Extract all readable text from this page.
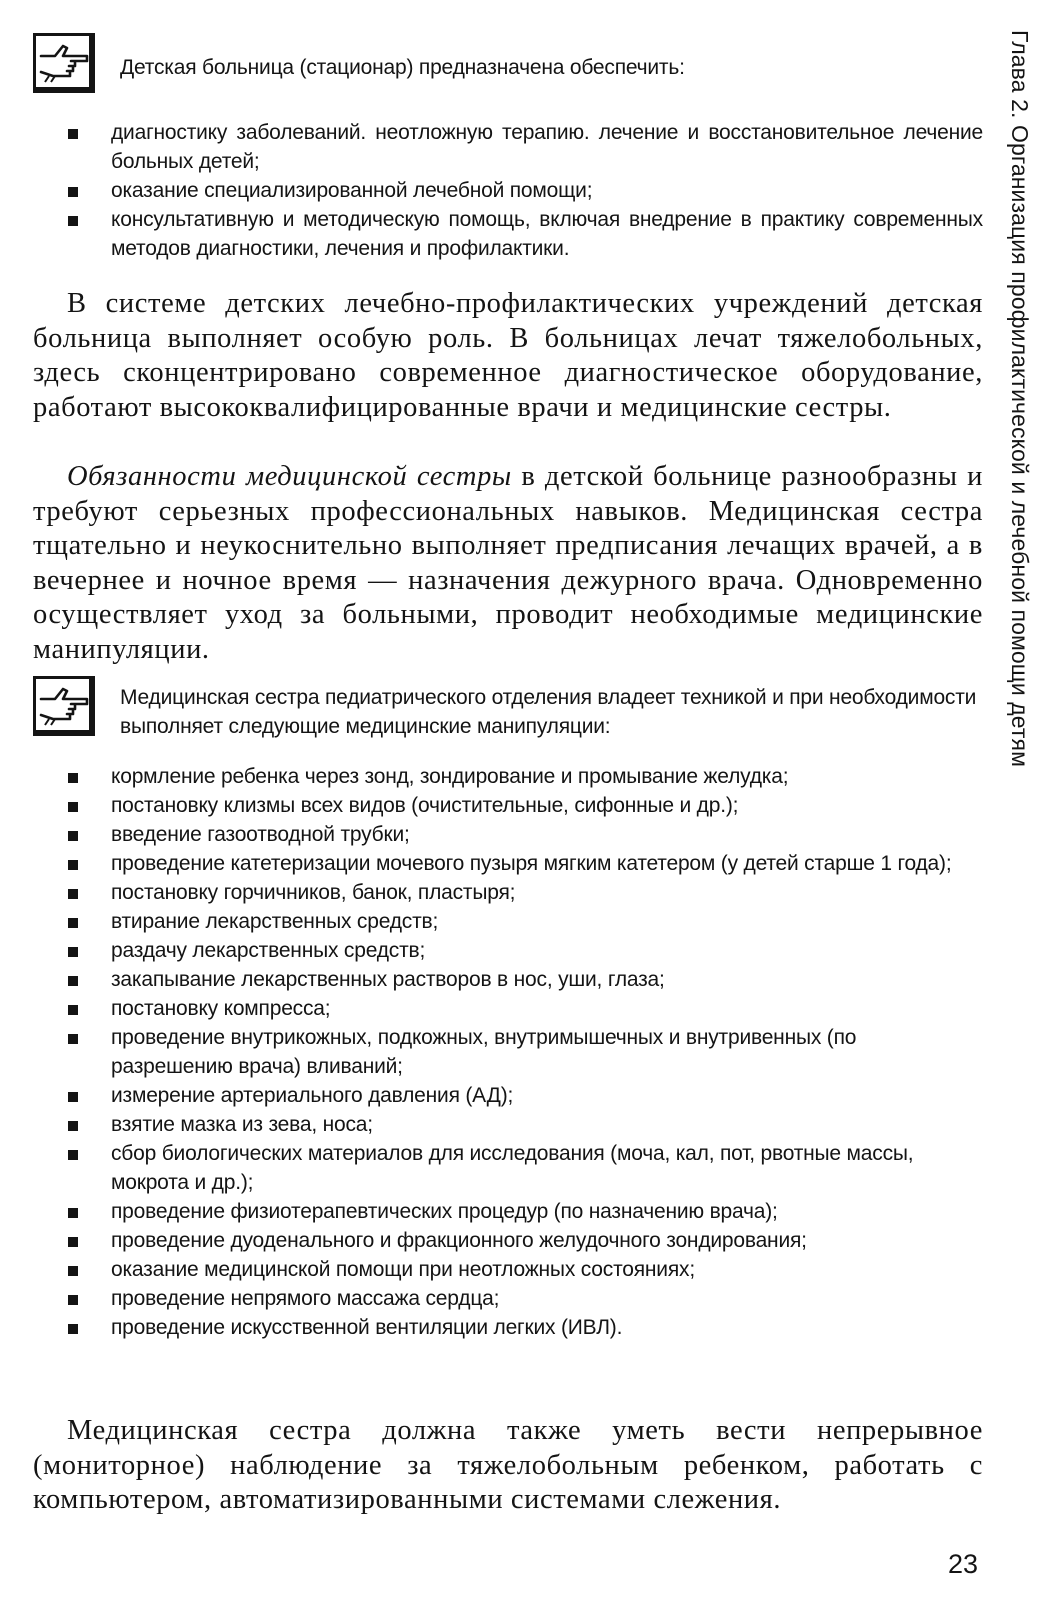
Глава 2. Организация профилактической и лечебной помощи детям
Детская больница (стационар) предназначена обеспечить:
диагностику заболеваний. неотложную терапию. лечение и восстановительное лечение больных детей;
оказание специализированной лечебной помощи;
консультативную и методическую помощь, включая внедрение в практику современных методов диагностики, лечения и профилактики.

В системе детских лечебно-профилактических учреждений детская больница выполняет особую роль. В больницах лечат тяжелобольных, здесь сконцентрировано современное диагностическое оборудование, работают высококвалифицированные врачи и медицинские сестры.

Обязанности медицинской сестры в детской больнице разнообразны и требуют серьезных профессиональных навыков. Медицинская сестра тщательно и неукоснительно выполняет предписания лечащих врачей, а в вечернее и ночное время — назначения дежурного врача. Одновременно осуществляет уход за больными, проводит необходимые медицинские манипуляции.

Медицинская сестра педиатрического отделения владеет техникой и при необходимости выполняет следующие медицинские манипуляции:
кормление ребенка через зонд, зондирование и промывание желудка;
постановку клизмы всех видов (очистительные, сифонные и др.);
введение газоотводной трубки;
проведение катетеризации мочевого пузыря мягким катетером (у детей старше 1 года);
постановку горчичников, банок, пластыря;
втирание лекарственных средств;
раздачу лекарственных средств;
закапывание лекарственных растворов в нос, уши, глаза;
постановку компресса;
проведение внутрикожных, подкожных, внутримышечных и внутривенных (по разрешению врача) вливаний;
измерение артериального давления (АД);
взятие мазка из зева, носа;
сбор биологических материалов для исследования (моча, кал, пот, рвотные массы, мокрота и др.);
проведение физиотерапевтических процедур (по назначению врача);
проведение дуоденального и фракционного желудочного зондирования;
оказание медицинской помощи при неотложных состояниях;
проведение непрямого массажа сердца;
проведение искусственной вентиляции легких (ИВЛ).

Медицинская сестра должна также уметь вести непрерывное (мониторное) наблюдение за тяжелобольным ребенком, работать с компьютером, автоматизированными системами слежения.

23
